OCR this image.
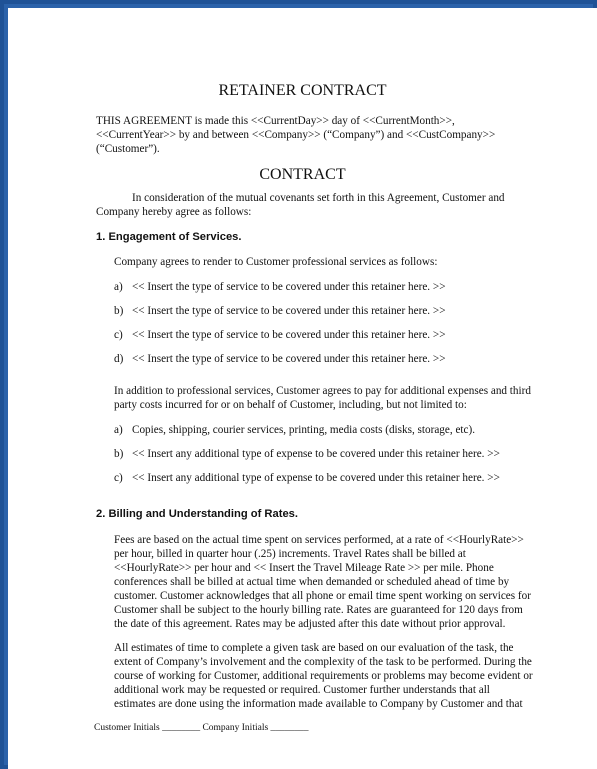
RETAINER CONTRACT
THIS AGREEMENT is made this <<CurrentDay>> day of <<CurrentMonth>>,
<<CurrentYear>> by and between <<Company>> (“Company”) and <<CustCompany>>
(“Customer”).
CONTRACT
In consideration of the mutual covenants set forth in this Agreement, Customer and
Company hereby agree as follows:
1. Engagement of Services.
Company agrees to render to Customer professional services as follows:
a) << Insert the type of service to be covered under this retainer here. >>
b) << Insert the type of service to be covered under this retainer here. >>
c) << Insert the type of service to be covered under this retainer here. >>
d) << Insert the type of service to be covered under this retainer here. >>
In addition to professional services, Customer agrees to pay for additional expenses and third
party costs incurred for or on behalf of Customer, including, but not limited to:
a) Copies, shipping, courier services, printing, media costs (disks, storage, etc).
b) << Insert any additional type of expense to be covered under this retainer here. >>
c) << Insert any additional type of expense to be covered under this retainer here. >>
2. Billing and Understanding of Rates.
Fees are based on the actual time spent on services performed, at a rate of <<HourlyRate>>
per hour, billed in quarter hour (.25) increments. Travel Rates shall be billed at
<<HourlyRate>> per hour and << Insert the Travel Mileage Rate >> per mile. Phone
conferences shall be billed at actual time when demanded or scheduled ahead of time by
customer. Customer acknowledges that all phone or email time spent working on services for
Customer shall be subject to the hourly billing rate. Rates are guaranteed for 120 days from
the date of this agreement. Rates may be adjusted after this date without prior approval.
All estimates of time to complete a given task are based on our evaluation of the task, the
extent of Company’s involvement and the complexity of the task to be performed. During the
course of working for Customer, additional requirements or problems may become evident or
additional work may be requested or required. Customer further understands that all
estimates are done using the information made available to Company by Customer and that
Customer Initials ________ Company Initials ________
